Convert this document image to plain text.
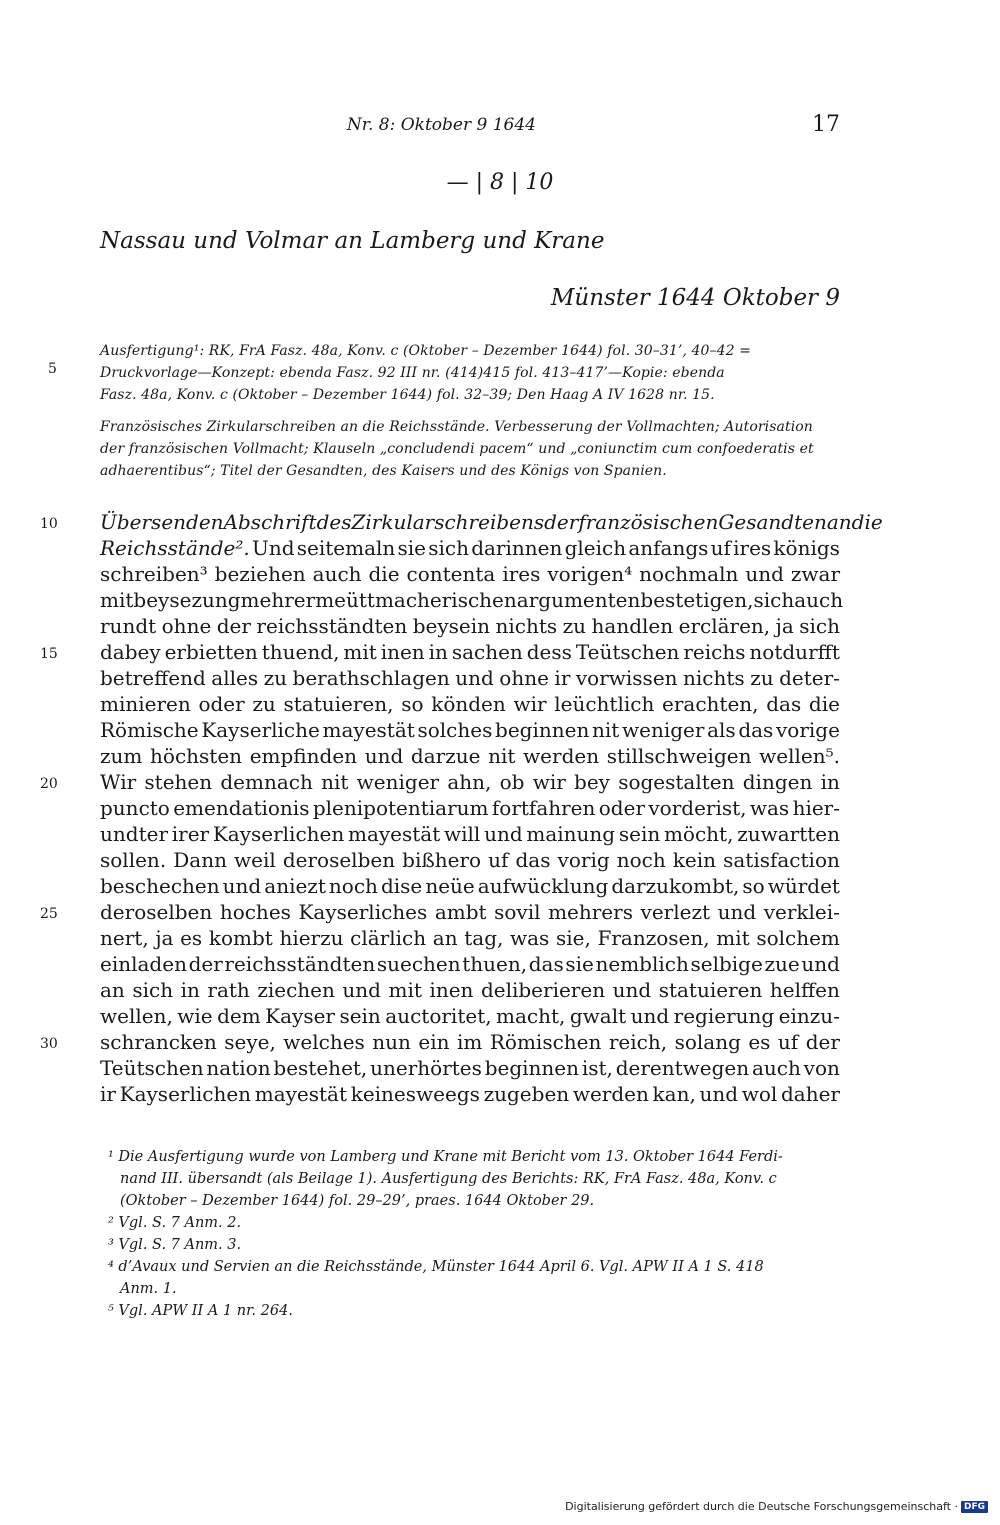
Nr. 8: Oktober 9 1644	17
— | 8 | 10
Nassau und Volmar an Lamberg und Krane
Münster 1644 Oktober 9
Ausfertigung¹: RK, FrA Fasz. 48a, Konv. c (Oktober – Dezember 1644) fol. 30–31’, 40–42 =
5	Druckvorlage—Konzept: ebenda Fasz. 92 III nr. (414)415 fol. 413–417’—Kopie: ebenda
Fasz. 48a, Konv. c (Oktober – Dezember 1644) fol. 32–39; Den Haag A IV 1628 nr. 15.
Französisches Zirkularschreiben an die Reichsstände. Verbesserung der Vollmachten; Autorisation
der französischen Vollmacht; Klauseln „concludendi pacem“ und „coniunctim cum confoederatis et
adhaerentibus“; Titel der Gesandten, des Kaisers und des Königs von Spanien.
10
15
20
25
30
Übersenden Abschrift des Zirkularschreibens der französischen Gesandten an die
Reichsstände². Und seitemaln sie sich darinnen gleich anfangs uf ires königs
schreiben³ beziehen auch die contenta ires vorigen⁴ nochmaln und zwar
mit beysezung mehrer meüttmacherischen argumenten bestetigen, sich auch
rundt ohne der reichsständten beysein nichts zu handlen erclären, ja sich
dabey erbietten thuend, mit inen in sachen dess Teütschen reichs notdurfft
betreffend alles zu berathschlagen und ohne ir vorwissen nichts zu deter-
minieren oder zu statuieren, so könden wir leüchtlich erachten, das die
Römische Kayserliche mayestät solches beginnen nit weniger als das vorige
zum höchsten empfinden und darzue nit werden stillschweigen wellen⁵.
Wir stehen demnach nit weniger ahn, ob wir bey sogestalten dingen in
puncto emendationis plenipotentiarum fortfahren oder vorderist, was hier-
undter irer Kayserlichen mayestät will und mainung sein möcht, zuwartten
sollen. Dann weil deroselben bißhero uf das vorig noch kein satisfaction
beschechen und aniezt noch dise neüe aufwücklung darzukombt, so würdet
deroselben hoches Kayserliches ambt sovil mehrers verlezt und verklei-
nert, ja es kombt hierzu clärlich an tag, was sie, Franzosen, mit solchem
einladen der reichsständten suechen thuen, das sie nemblich selbige zue und
an sich in rath ziechen und mit inen deliberieren und statuieren helffen
wellen, wie dem Kayser sein auctoritet, macht, gwalt und regierung einzu-
schrancken seye, welches nun ein im Römischen reich, solang es uf der
Teütschen nation bestehet, unerhörtes beginnen ist, derentwegen auch von
ir Kayserlichen mayestät keinesweegs zugeben werden kan, und wol daher
¹ Die Ausfertigung wurde von Lamberg und Krane mit Bericht vom 13. Oktober 1644 Ferdi-
nand III. übersandt (als Beilage 1). Ausfertigung des Berichts: RK, FrA Fasz. 48a, Konv. c
(Oktober – Dezember 1644) fol. 29–29’, praes. 1644 Oktober 29.
² Vgl. S. 7 Anm. 2.
³ Vgl. S. 7 Anm. 3.
⁴ d’Avaux und Servien an die Reichsstände, Münster 1644 April 6. Vgl. APW II A 1 S. 418
Anm. 1.
⁵ Vgl. APW II A 1 nr. 264.
Digitalisierung gefördert durch die Deutsche Forschungsgemeinschaft · DFG
